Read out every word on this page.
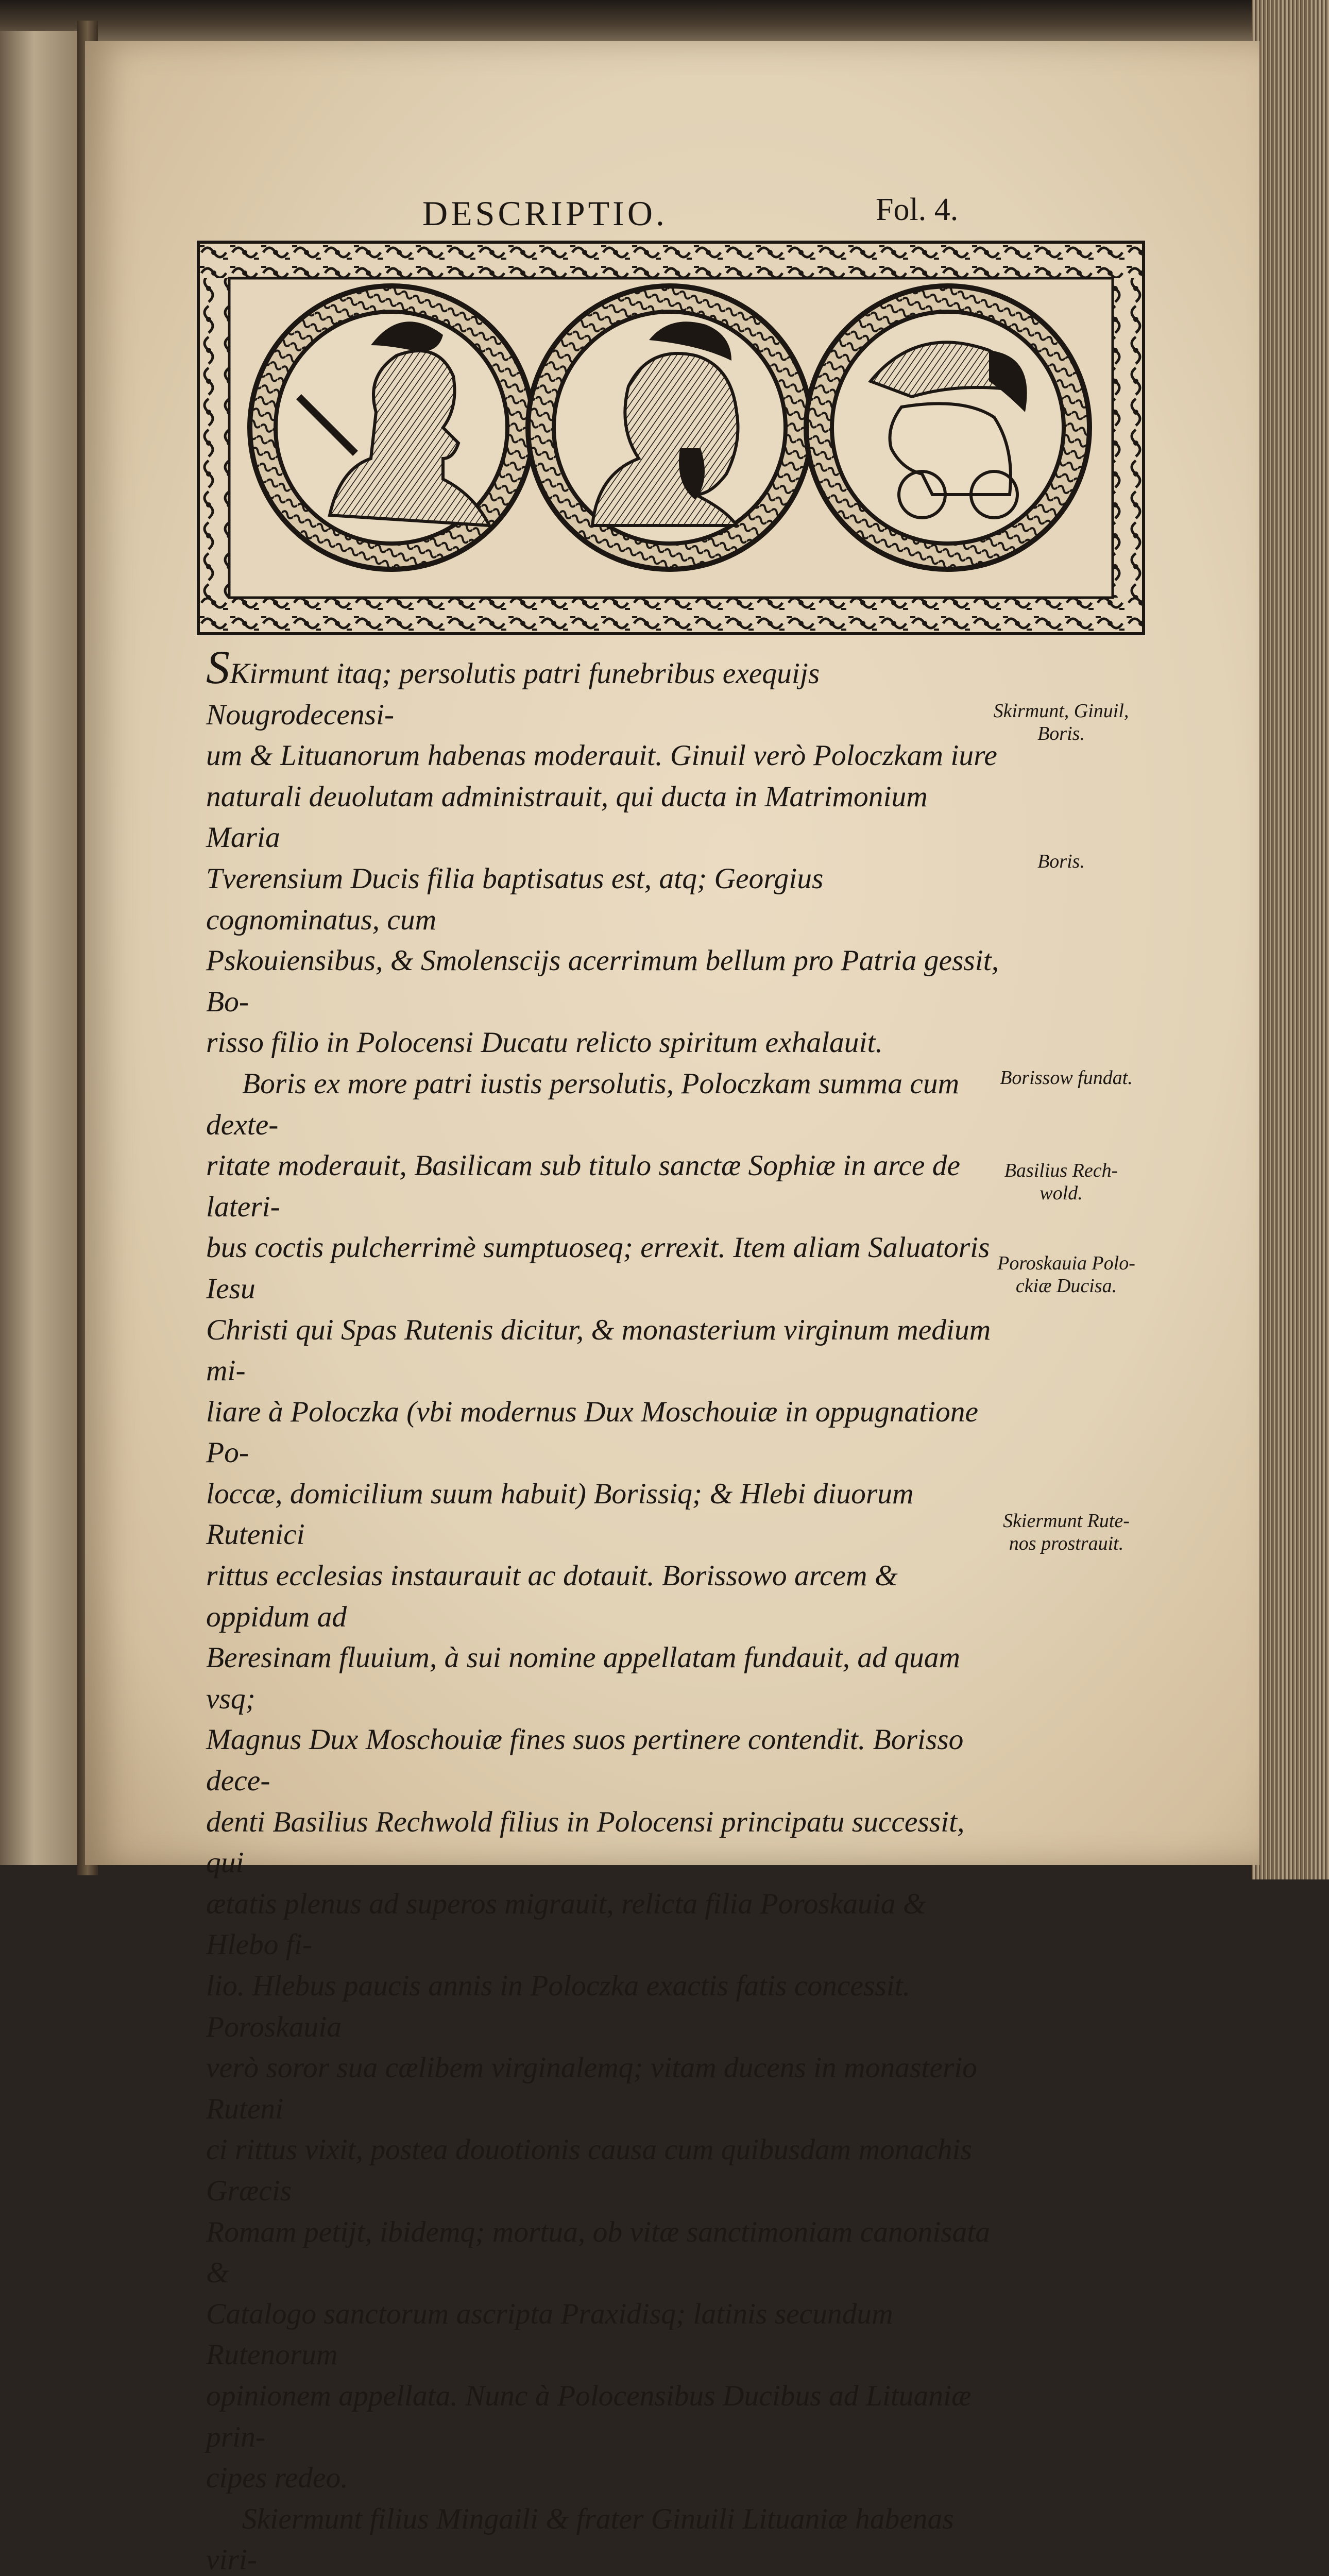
DESCRIPTIO.	Fol. 4.

SKirmunt itaq; persolutis patri funebribus exequijs Nougrodecensi-
um & Lituanorum habenas moderauit. Ginuil verò Poloczkam iure
naturali deuolutam administrauit, qui ducta in Matrimonium Maria
Tverensium Ducis filia baptisatus est, atq; Georgius cognominatus, cum
Pskouiensibus, & Smolenscijs acerrimum bellum pro Patria gessit, Bo-
risso filio in Polocensi Ducatu relicto spiritum exhalauit.

Boris ex more patri iustis persolutis, Poloczkam summa cum dexte-
ritate moderauit, Basilicam sub titulo sanctæ Sophiæ in arce de lateri-
bus coctis pulcherrimè sumptuoseq; errexit. Item aliam Saluatoris Iesu
Christi qui Spas Rutenis dicitur, & monasterium virginum medium mi-
liare à Poloczka (vbi modernus Dux Moschouiæ in oppugnatione Po-
loccæ, domicilium suum habuit) Borissiq; & Hlebi diuorum Rutenici
rittus ecclesias instaurauit ac dotauit. Borissowo arcem & oppidum ad
Beresinam fluuium, à sui nomine appellatam fundauit, ad quam vsq;
Magnus Dux Moschouiæ fines suos pertinere contendit. Borisso dece-
denti Basilius Rechwold filius in Polocensi principatu successit, qui
ætatis plenus ad superos migrauit, relicta filia Poroskauia & Hlebo fi-
lio. Hlebus paucis annis in Poloczka exactis fatis concessit. Poroskauia
verò soror sua cælibem virginalemq; vitam ducens in monasterio Ruteni
ci rittus vixit, postea douotionis causa cum quibusdam monachis Græcis
Romam petijt, ibidemq; mortua, ob vitæ sanctimoniam canonisata &
Catalogo sanctorum ascripta Praxidisq; latinis secundum Rutenorum
opinionem appellata. Nunc à Polocensibus Ducibus ad Lituaniæ prin-
cipes redeo.

Skiermunt filius Mingaili & frater Ginuili Lituaniæ habenas viri-

Skirmunt, Ginuil,
Boris.
Boris.
Borissow fundat.
Basilius Rech-
wold.
Poroskauia Polo-
ckiæ Ducisa.
Skiermunt Rute-
nos prostrauit.
